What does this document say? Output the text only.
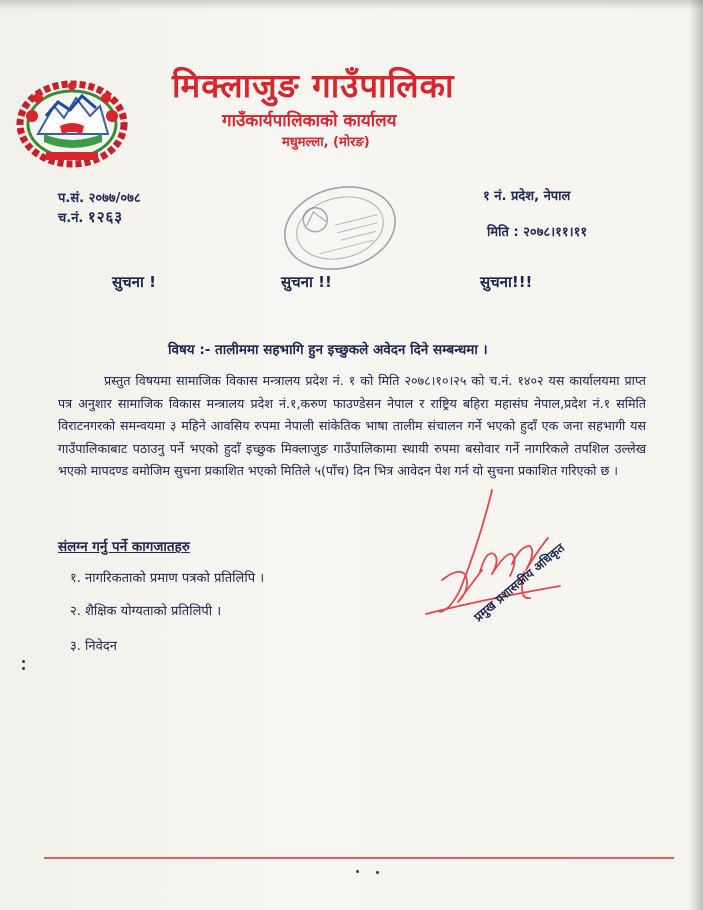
मिक्लाजुङ गाउँपालिका
गाउँकार्यपालिकाको कार्यालय
मधुमल्ला, (मोरङ)
प.सं. २०७७/०७८
च.नं. १२६३
१ नं. प्रदेश, नेपाल
मिति : २०७८।११।११
सुचना !	सुचना !!	सुचना!!!
विषय :- तालीममा सहभागि हुन इच्छुकले अवेदन दिने सम्बन्धमा ।
प्रस्तुत विषयमा सामाजिक विकास मन्त्रालय प्रदेश नं. १ को मिति २०७८।१०।२५ को च.नं. १४०२ यस कार्यालयमा प्राप्त पत्र अनुशार सामाजिक विकास मन्त्रालय प्रदेश नं.१,करुण फाउण्डेसन नेपाल र राष्ट्रिय बहिरा महासंघ नेपाल,प्रदेश नं.१ समिति विराटनगरको समन्वयमा ३ महिने आवसिय रुपमा नेपाली सांकेतिक भाषा तालीम संचालन गर्ने भएको हुदाँ एक जना सहभागी यस गाउँपालिकाबाट पठाउनु पर्ने भएको हुदाँ इच्छुक मिक्लाजुङ गाउँपालिकामा स्थायी रुपमा बसोवार गर्ने नागरिकले तपशिल उल्लेख भएको मापदण्ड वमोजिम सुचना प्रकाशित भएको मितिले ५(पाँच) दिन भित्र आवेदन पेश गर्न यो सुचना प्रकाशित गरिएको छ ।
संलग्न गर्नु पर्ने कागजातहरु
१. नागरिकताको प्रमाण पत्रको प्रतिलिपि ।
२. शैक्षिक योग्यताको प्रतिलिपी ।
३. निवेदन
प्रमुख प्रशासकीय अधिकृत
